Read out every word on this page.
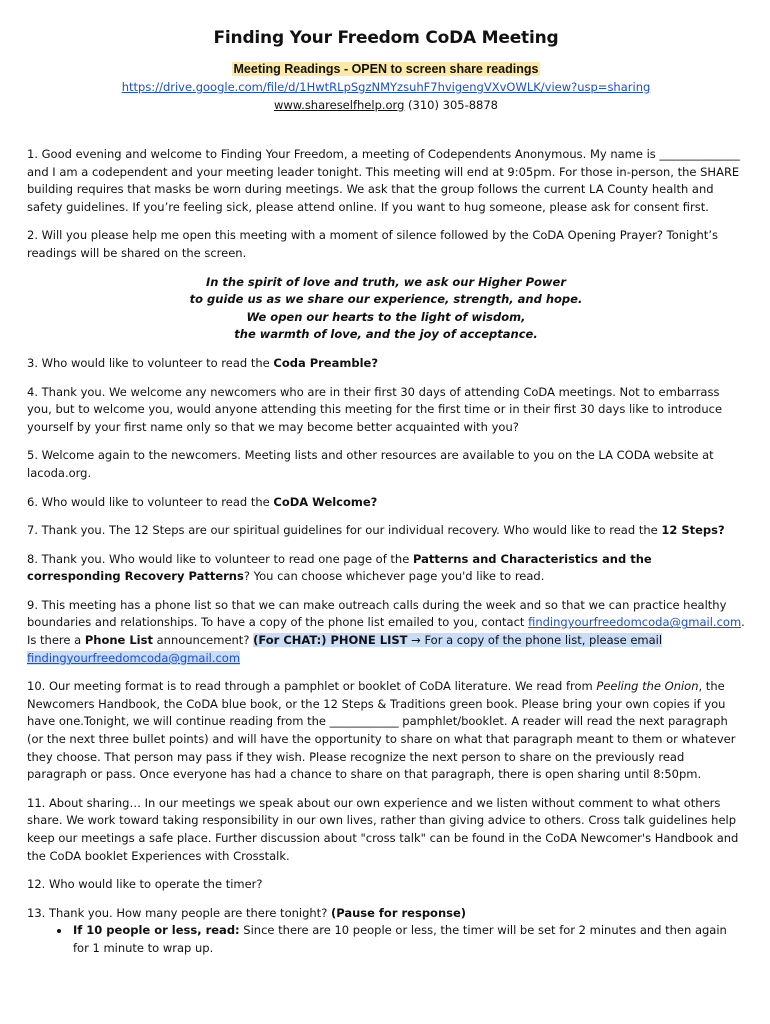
Finding Your Freedom CoDA Meeting
Meeting Readings - OPEN to screen share readings
https://drive.google.com/file/d/1HwtRLpSgzNMYzsuhF7hvigengVXvOWLK/view?usp=sharing
www.shareselfhelp.org (310) 305-8878

1. Good evening and welcome to Finding Your Freedom, a meeting of Codependents Anonymous. My name is ______________ and I am a codependent and your meeting leader tonight. This meeting will end at 9:05pm. For those in-person, the SHARE building requires that masks be worn during meetings. We ask that the group follows the current LA County health and safety guidelines. If you’re feeling sick, please attend online. If you want to hug someone, please ask for consent first.

2. Will you please help me open this meeting with a moment of silence followed by the CoDA Opening Prayer? Tonight’s readings will be shared on the screen.

In the spirit of love and truth, we ask our Higher Power

to guide us as we share our experience, strength, and hope.

We open our hearts to the light of wisdom,

the warmth of love, and the joy of acceptance.

3. Who would like to volunteer to read the Coda Preamble?

4. Thank you. We welcome any newcomers who are in their first 30 days of attending CoDA meetings. Not to embarrass you, but to welcome you, would anyone attending this meeting for the first time or in their first 30 days like to introduce yourself by your first name only so that we may become better acquainted with you?

5. Welcome again to the newcomers. Meeting lists and other resources are available to you on the LA CODA website at lacoda.org.

6. Who would like to volunteer to read the CoDA Welcome?

7. Thank you. The 12 Steps are our spiritual guidelines for our individual recovery. Who would like to read the 12 Steps?

8. Thank you. Who would like to volunteer to read one page of the Patterns and Characteristics and the corresponding Recovery Patterns? You can choose whichever page you'd like to read.

9. This meeting has a phone list so that we can make outreach calls during the week and so that we can practice healthy boundaries and relationships. To have a copy of the phone list emailed to you, contact findingyourfreedomcoda@gmail.com. Is there a Phone List announcement? (For CHAT:) PHONE LIST → For a copy of the phone list, please email
findingyourfreedomcoda@gmail.com

10. Our meeting format is to read through a pamphlet or booklet of CoDA literature. We read from Peeling the Onion, the Newcomers Handbook, the CoDA blue book, or the 12 Steps & Traditions green book. Please bring your own copies if you have one.Tonight, we will continue reading from the ____________ pamphlet/booklet. A reader will read the next paragraph (or the next three bullet points) and will have the opportunity to share on what that paragraph meant to them or whatever they choose. That person may pass if they wish. Please recognize the next person to share on the previously read paragraph or pass. Once everyone has had a chance to share on that paragraph, there is open sharing until 8:50pm.

11. About sharing… In our meetings we speak about our own experience and we listen without comment to what others share. We work toward taking responsibility in our own lives, rather than giving advice to others. Cross talk guidelines help keep our meetings a safe place. Further discussion about "cross talk" can be found in the CoDA Newcomer's Handbook and the CoDA booklet Experiences with Crosstalk.

12. Who would like to operate the timer?

13. Thank you. How many people are there tonight? (Pause for response)

• If 10 people or less, read: Since there are 10 people or less, the timer will be set for 2 minutes and then again for 1 minute to wrap up.
